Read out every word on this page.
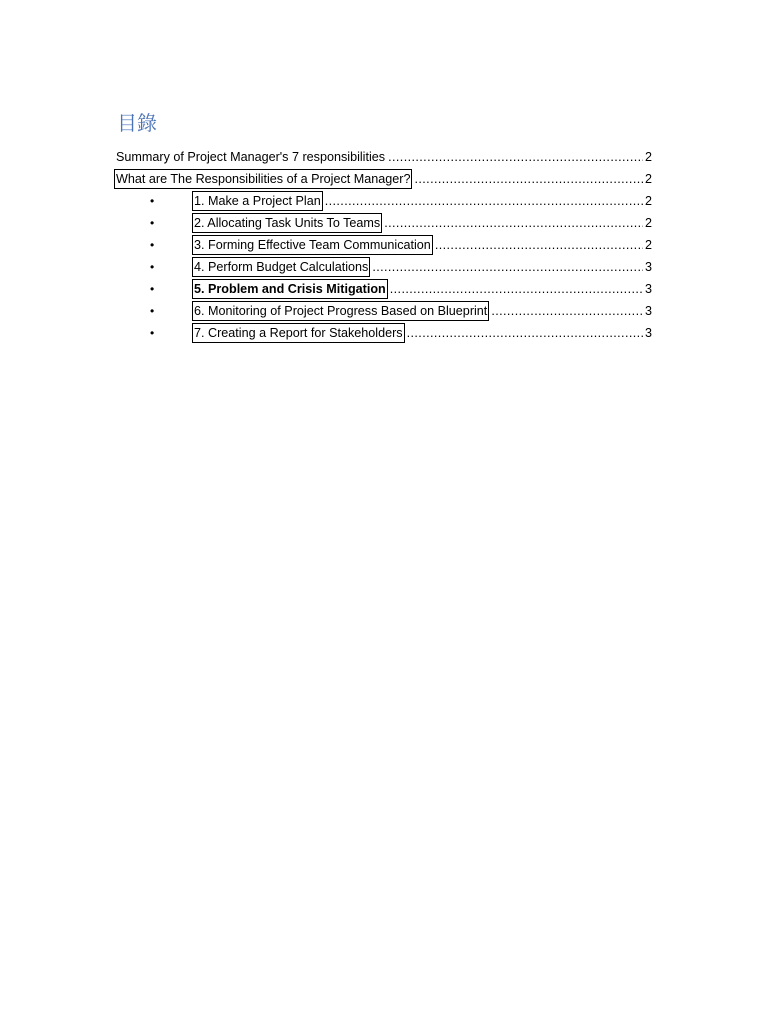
目錄
Summary of Project Manager's 7 responsibilities .....	2
What are The Responsibilities of a Project Manager? .....	2
•	1. Make a Project Plan .....	2
•	2. Allocating Task Units To Teams .....	2
•	3. Forming Effective Team Communication .....	2
•	4. Perform Budget Calculations .....	3
•	5. Problem and Crisis Mitigation .....	3
•	6. Monitoring of Project Progress Based on Blueprint .....	3
•	7. Creating a Report for Stakeholders .....	3
